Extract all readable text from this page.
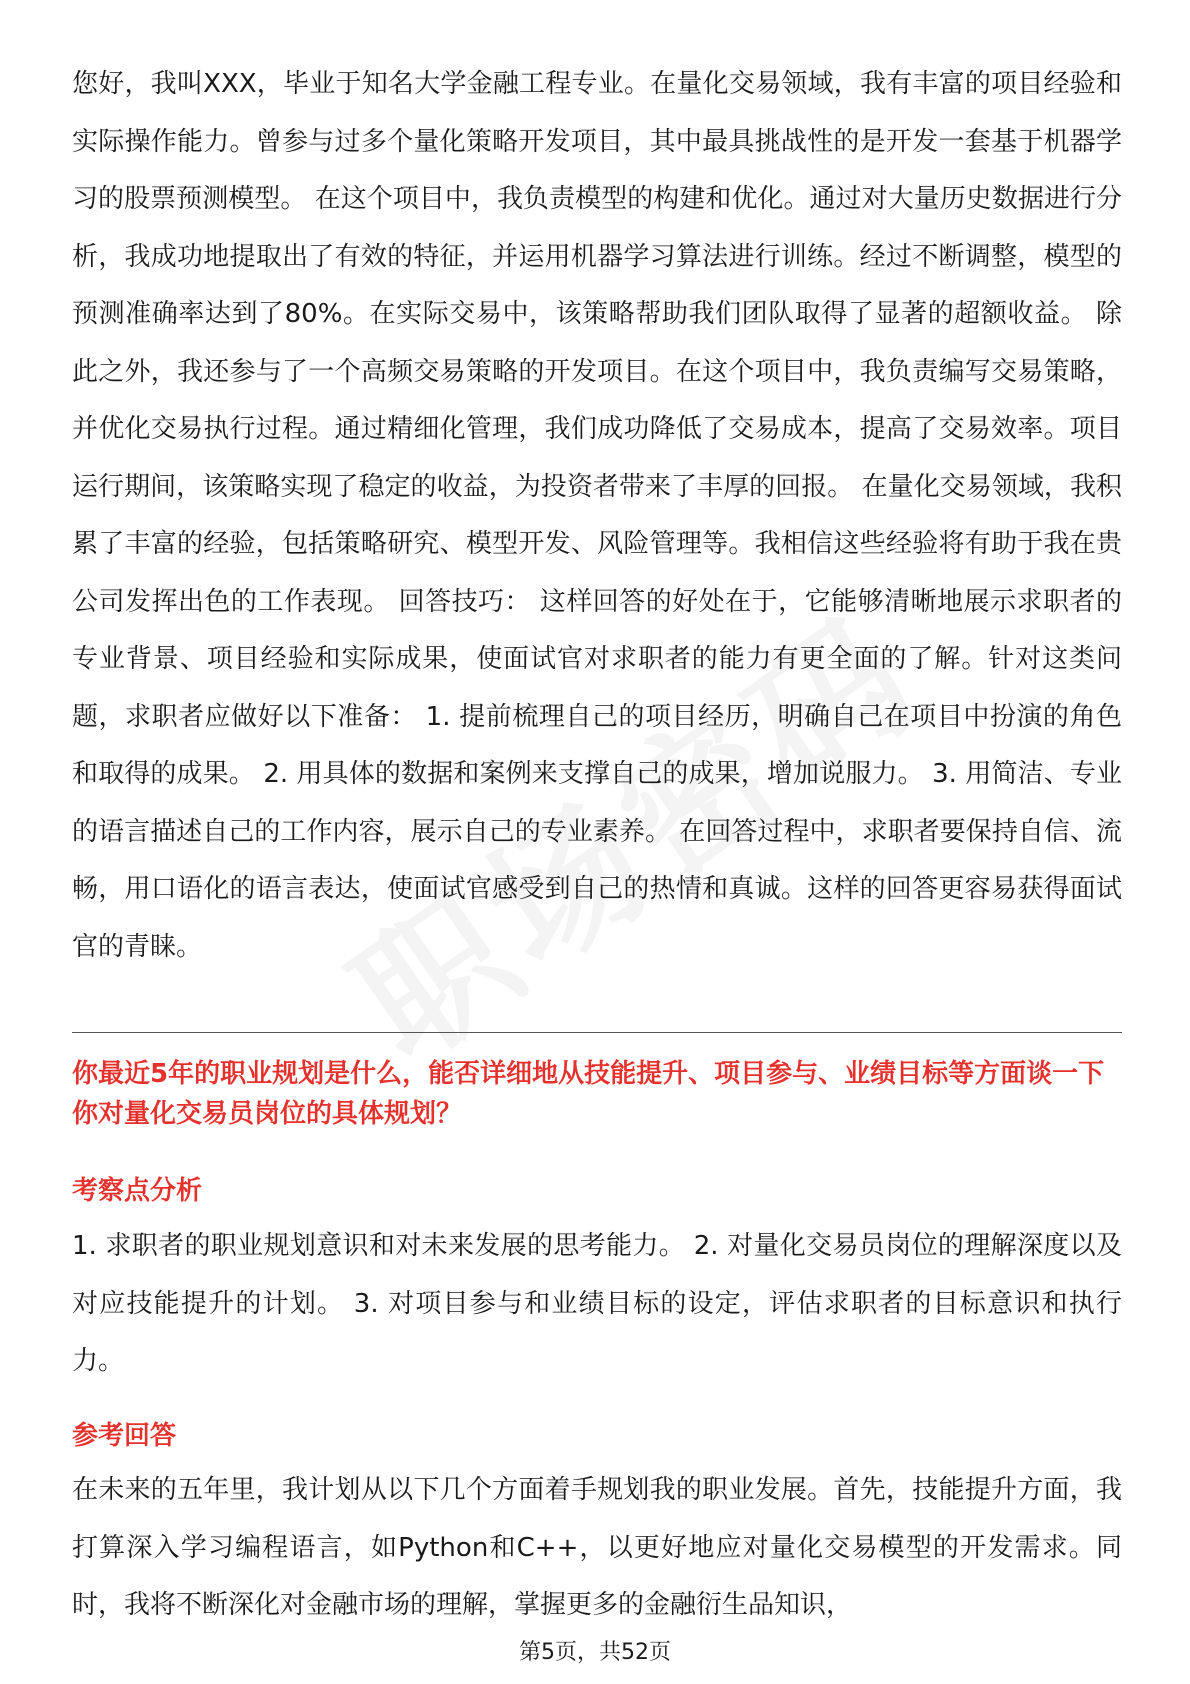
您好，我叫XXX，毕业于知名大学金融工程专业。在量化交易领域，我有丰富的项目经验和实际操作能力。曾参与过多个量化策略开发项目，其中最具挑战性的是开发一套基于机器学习的股票预测模型。 在这个项目中，我负责模型的构建和优化。通过对大量历史数据进行分析，我成功地提取出了有效的特征，并运用机器学习算法进行训练。经过不断调整，模型的预测准确率达到了80%。在实际交易中，该策略帮助我们团队取得了显著的超额收益。 除此之外，我还参与了一个高频交易策略的开发项目。在这个项目中，我负责编写交易策略，并优化交易执行过程。通过精细化管理，我们成功降低了交易成本，提高了交易效率。项目运行期间，该策略实现了稳定的收益，为投资者带来了丰厚的回报。 在量化交易领域，我积累了丰富的经验，包括策略研究、模型开发、风险管理等。我相信这些经验将有助于我在贵公司发挥出色的工作表现。 回答技巧： 这样回答的好处在于，它能够清晰地展示求职者的专业背景、项目经验和实际成果，使面试官对求职者的能力有更全面的了解。针对这类问题，求职者应做好以下准备： 1. 提前梳理自己的项目经历，明确自己在项目中扮演的角色和取得的成果。 2. 用具体的数据和案例来支撑自己的成果，增加说服力。 3. 用简洁、专业的语言描述自己的工作内容，展示自己的专业素养。 在回答过程中，求职者要保持自信、流畅，用口语化的语言表达，使面试官感受到自己的热情和真诚。这样的回答更容易获得面试官的青睐。

你最近5年的职业规划是什么，能否详细地从技能提升、项目参与、业绩目标等方面谈一下你对量化交易员岗位的具体规划？

考察点分析

1. 求职者的职业规划意识和对未来发展的思考能力。 2. 对量化交易员岗位的理解深度以及对应技能提升的计划。 3. 对项目参与和业绩目标的设定，评估求职者的目标意识和执行力。

参考回答

在未来的五年里，我计划从以下几个方面着手规划我的职业发展。首先，技能提升方面，我打算深入学习编程语言，如Python和C++，以更好地应对量化交易模型的开发需求。同时，我将不断深化对金融市场的理解，掌握更多的金融衍生品知识，

第5页，共52页
